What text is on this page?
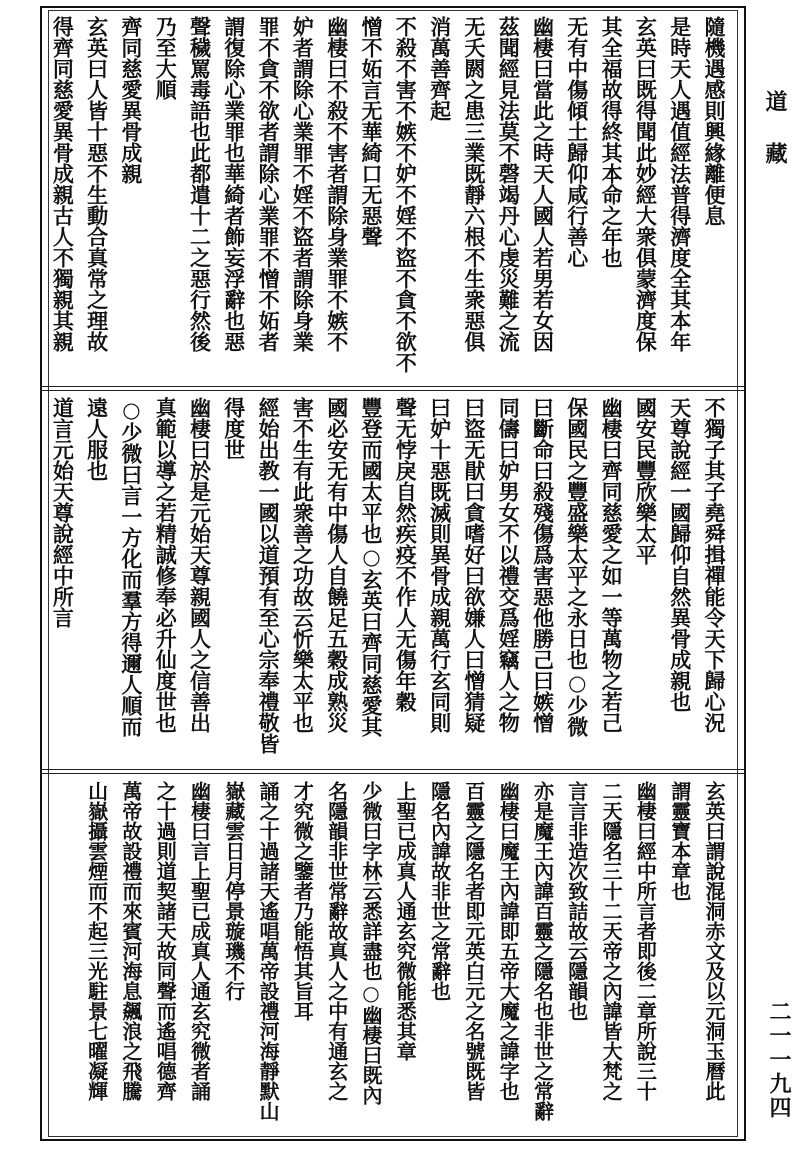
隨機遇感則興緣離便息
是時天人遇值經法普得濟度全其本年
玄英曰既得聞此妙經大衆俱蒙濟度保
其全福故得終其本命之年也
无有中傷傾土歸仰咸行善心
幽棲曰當此之時天人國人若男若女因
茲聞經見法莫不磬竭丹心虔災難之流
无夭閼之患三業既靜六根不生衆惡俱
消萬善齊起
不殺不害不嫉不妒不婬不盜不貪不欲不
憎不妬言无華綺口无惡聲
幽棲曰不殺不害者謂除身業罪不嫉不
妒者謂除心業罪不婬不盜者謂除身業
罪不貪不欲者謂除心業罪不憎不妬者
謂復除心業罪也華綺者飾妄浮辭也惡
聲穢罵毒語也此都遣十二之惡行然後
乃至大順
齊同慈愛異骨成親
玄英曰人皆十惡不生動合真常之理故
得齊同慈愛異骨成親古人不獨親其親
不獨子其子堯舜揖禪能令天下歸心況
天尊說經一國歸仰自然異骨成親也
國安民豐欣樂太平
幽棲曰齊同慈愛之如一等萬物之若己
保國民之豐盛樂太平之永日也○少微
曰斷命曰殺殘傷爲害惡他勝己曰嫉憎
同儔曰妒男女不以禮交爲婬竊人之物
曰盜无猒曰貪嗜好曰欲嫌人曰憎猜疑
曰妒十惡既滅則異骨成親萬行玄同則
聲无悖戾自然疾疫不作人无傷年穀
豐登而國太平也○玄英曰齊同慈愛其
國必安无有中傷人自饒足五穀成熟災
害不生有此衆善之功故云忻樂太平也
經始出教一國以道預有至心宗奉禮敬皆
得度世
幽棲曰於是元始天尊親國人之信善出
真範以導之若精誠修奉必升仙度世也
○少微曰言一方化而羣方得邇人順而
遠人服也
道言元始天尊說經中所言
玄英曰謂說混洞赤文及以元洞玉曆此
謂靈寶本章也
幽棲曰經中所言者即後二章所說三十
二天隱名三十二天帝之內諱皆大梵之
言言非造次致詰故云隱韻也
亦是魔王內諱百靈之隱名也非世之常辭
幽棲曰魔王內諱即五帝大魔之諱字也
百靈之隱名者即元英白元之名號既皆
隱名內諱故非世之常辭也
上聖已成真人通玄究微能悉其章
少微曰字林云悉詳盡也○幽棲曰既內
名隱韻非世常辭故真人之中有通玄之
才究微之鑒者乃能悟其旨耳
誦之十過諸天遙唱萬帝設禮河海靜默山
嶽藏雲日月停景璇璣不行
幽棲曰言上聖已成真人通玄究微者誦
之十過則道契諸天故同聲而遙唱德齊
萬帝故設禮而來賓河海息飆浪之飛騰
山嶽攝雲煙而不起三光駐景七曜凝輝
道藏
二一一九四
